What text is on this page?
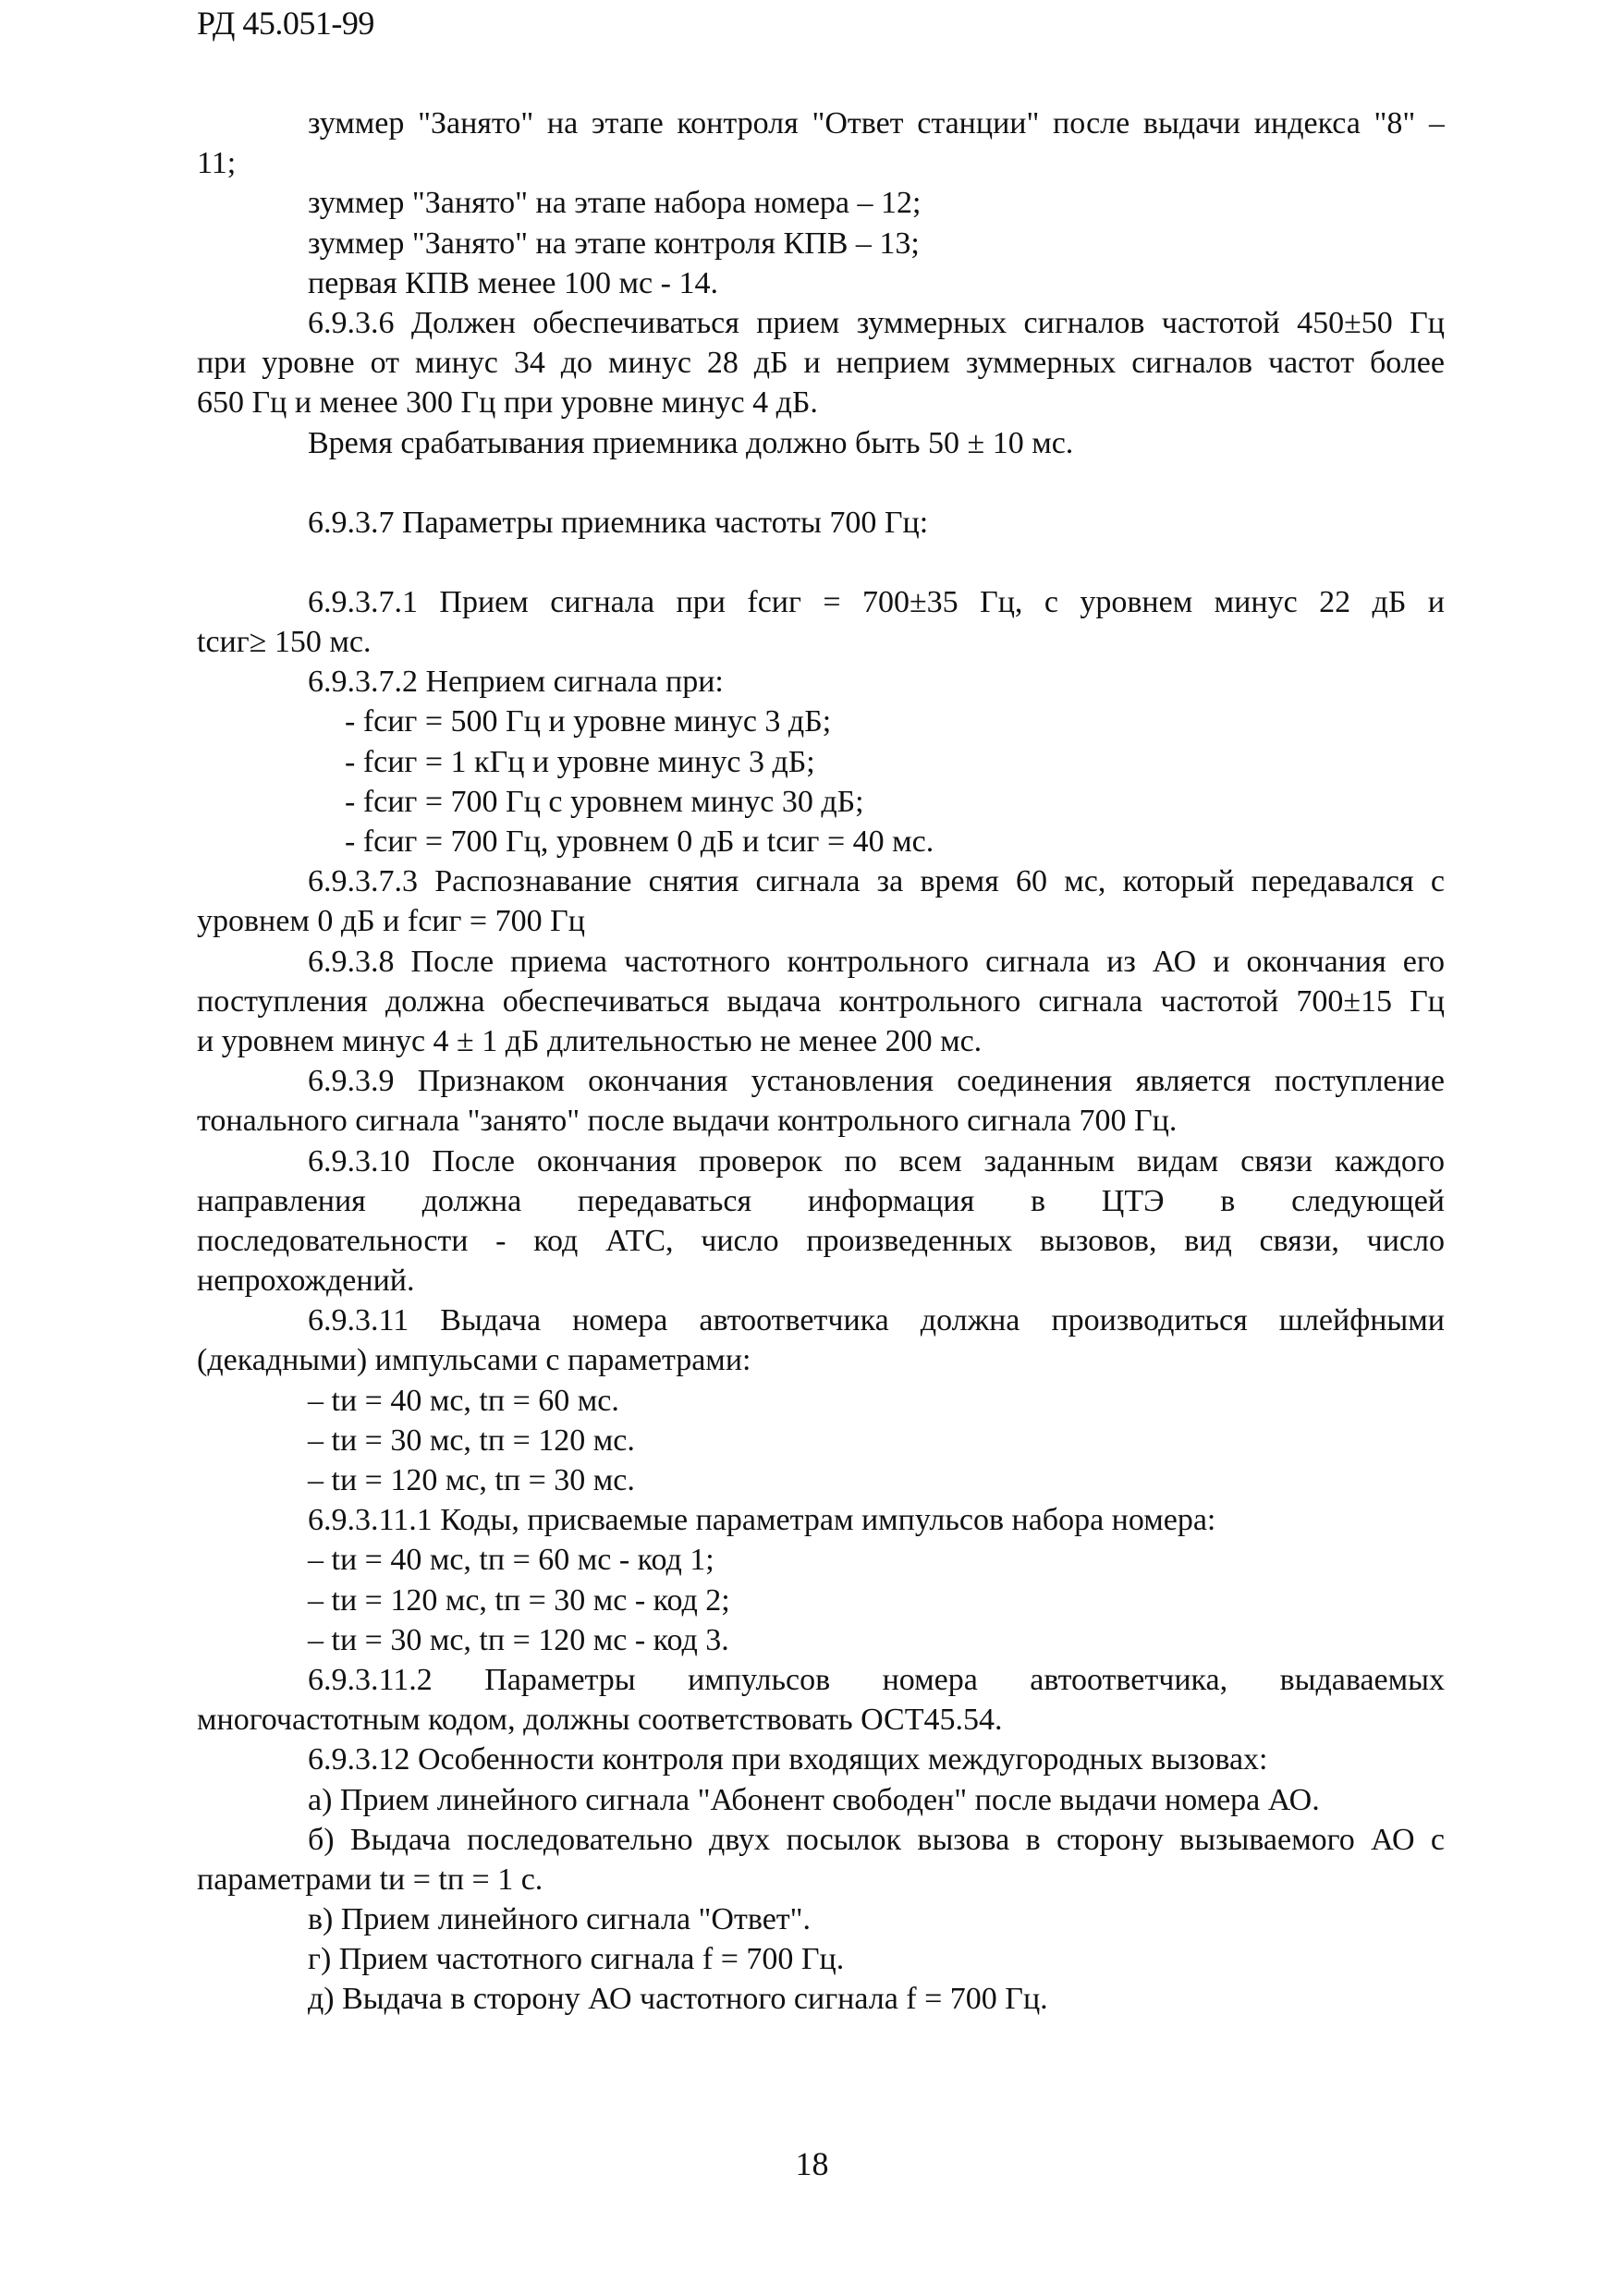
РД 45.051-99
зуммер "Занято" на этапе контроля "Ответ станции" после выдачи индекса "8" –
11;
зуммер "Занято" на этапе набора номера – 12;
зуммер "Занято" на этапе контроля КПВ – 13;
первая КПВ менее 100 мс - 14.
6.9.3.6 Должен обеспечиваться прием зуммерных сигналов частотой 450±50 Гц
при уровне от минус 34 до минус 28 дБ и неприем зуммерных сигналов частот более
650 Гц и менее 300 Гц при уровне минус 4 дБ.
Время срабатывания приемника должно быть 50 ± 10 мс.
6.9.3.7 Параметры приемника частоты 700 Гц:
6.9.3.7.1 Прием сигнала при fсиг = 700±35 Гц, с уровнем минус 22 дБ и
tсиг≥ 150 мс.
6.9.3.7.2 Неприем сигнала при:
- fсиг = 500 Гц и уровне минус 3 дБ;
- fсиг = 1 кГц и уровне минус 3 дБ;
- fсиг = 700 Гц с уровнем минус 30 дБ;
- fсиг = 700 Гц, уровнем 0 дБ и tсиг = 40 мс.
6.9.3.7.3 Распознавание снятия сигнала за время 60 мс, который передавался с
уровнем 0 дБ и fсиг = 700 Гц
6.9.3.8 После приема частотного контрольного сигнала из АО и окончания его
поступления должна обеспечиваться выдача контрольного сигнала частотой 700±15 Гц
и уровнем минус 4 ± 1 дБ длительностью не менее 200 мс.
6.9.3.9 Признаком окончания установления соединения является поступление
тонального сигнала "занято" после выдачи контрольного сигнала 700 Гц.
6.9.3.10 После окончания проверок по всем заданным видам связи каждого
направления должна передаваться информация в ЦТЭ в следующей
последовательности - код АТС, число произведенных вызовов, вид связи, число
непрохождений.
6.9.3.11 Выдача номера автоответчика должна производиться шлейфными
(декадными) импульсами с параметрами:
– tи = 40 мс, tп = 60 мс.
– tи = 30 мс, tп = 120 мс.
– tи = 120 мс, tп = 30 мс.
6.9.3.11.1 Коды, присваемые параметрам импульсов набора номера:
– tи = 40 мс, tп = 60 мс - код 1;
– tи = 120 мс, tп = 30 мс - код 2;
– tи = 30 мс, tп = 120 мс - код 3.
6.9.3.11.2 Параметры импульсов номера автоответчика, выдаваемых
многочастотным кодом, должны соответствовать ОСТ45.54.
6.9.3.12 Особенности контроля при входящих междугородных вызовах:
а) Прием линейного сигнала "Абонент свободен" после выдачи номера АО.
б) Выдача последовательно двух посылок вызова в сторону вызываемого АО с
параметрами tи = tп = 1 с.
в) Прием линейного сигнала "Ответ".
г) Прием частотного сигнала f = 700 Гц.
д) Выдача в сторону АО частотного сигнала f = 700 Гц.
18
